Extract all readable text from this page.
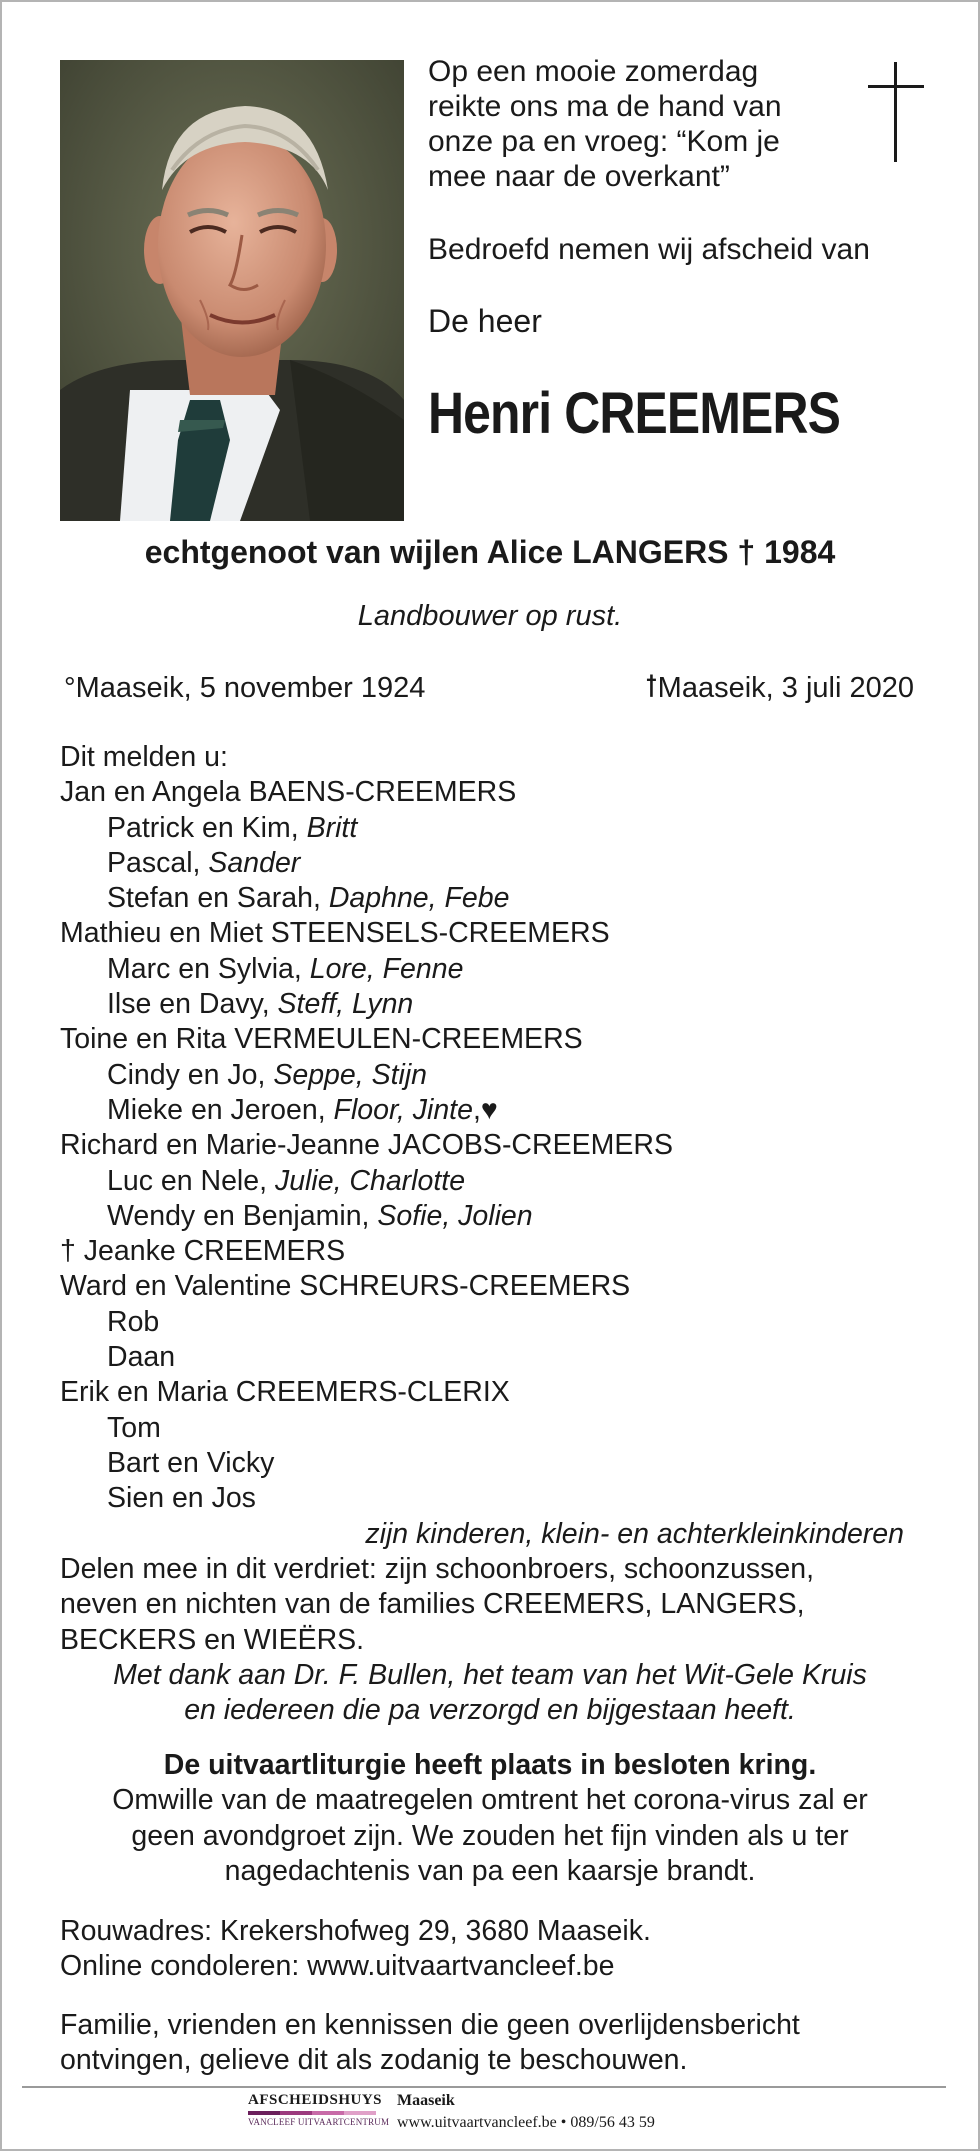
Op een mooie zomerdag
reikte ons ma de hand van
onze pa en vroeg: “Kom je
mee naar de overkant”
Bedroefd nemen wij afscheid van
De heer
Henri CREEMERS
echtgenoot van wijlen Alice LANGERS † 1984
Landbouwer op rust.
°Maaseik, 5 november 1924	ꝉMaaseik, 3 juli 2020
Dit melden u:
Jan en Angela BAENS-CREEMERS
Patrick en Kim, Britt
Pascal, Sander
Stefan en Sarah, Daphne, Febe
Mathieu en Miet STEENSELS-CREEMERS
Marc en Sylvia, Lore, Fenne
Ilse en Davy, Steff, Lynn
Toine en Rita VERMEULEN-CREEMERS
Cindy en Jo, Seppe, Stijn
Mieke en Jeroen, Floor, Jinte,♥
Richard en Marie-Jeanne JACOBS-CREEMERS
Luc en Nele, Julie, Charlotte
Wendy en Benjamin, Sofie, Jolien
† Jeanke CREEMERS
Ward en Valentine SCHREURS-CREEMERS
Rob
Daan
Erik en Maria CREEMERS-CLERIX
Tom
Bart en Vicky
Sien en Jos
zijn kinderen, klein- en achterkleinkinderen
Delen mee in dit verdriet: zijn schoonbroers, schoonzussen,
neven en nichten van de families CREEMERS, LANGERS,
BECKERS en WIEËRS.
Met dank aan Dr. F. Bullen, het team van het Wit-Gele Kruis
en iedereen die pa verzorgd en bijgestaan heeft.
De uitvaartliturgie heeft plaats in besloten kring.
Omwille van de maatregelen omtrent het corona-virus zal er
geen avondgroet zijn. We zouden het fijn vinden als u ter
nagedachtenis van pa een kaarsje brandt.
Rouwadres: Krekershofweg 29, 3680 Maaseik.
Online condoleren: www.uitvaartvancleef.be
Familie, vrienden en kennissen die geen overlijdensbericht
ontvingen, gelieve dit als zodanig te beschouwen.
AFSCHEIDSHUYS
VANCLEEF UITVAARTCENTRUM
Maaseik
www.uitvaartvancleef.be • 089/56 43 59
